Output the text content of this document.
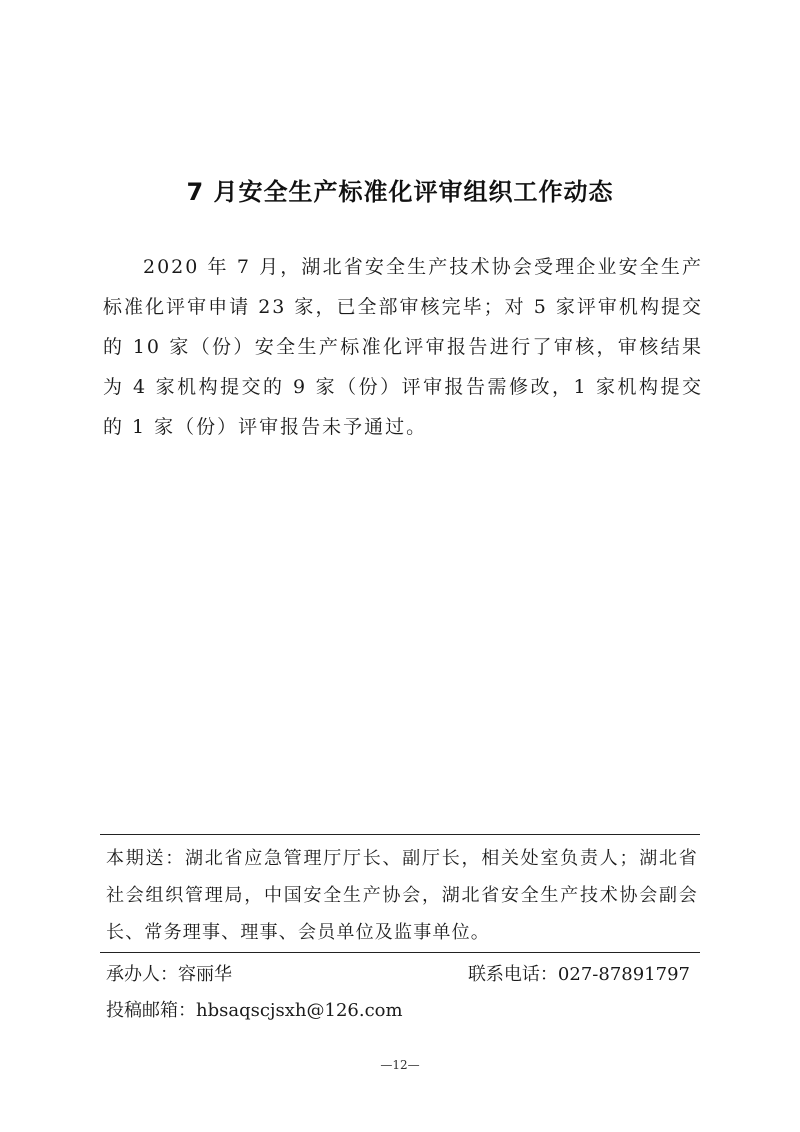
7 月安全生产标准化评审组织工作动态

2020 年 7 月，湖北省安全生产技术协会受理企业安全生产标准化评审申请 23 家，已全部审核完毕；对 5 家评审机构提交的 10 家（份）安全生产标准化评审报告进行了审核，审核结果为 4 家机构提交的 9 家（份）评审报告需修改，1 家机构提交的 1 家（份）评审报告未予通过。

本期送：湖北省应急管理厅厅长、副厅长，相关处室负责人；湖北省社会组织管理局，中国安全生产协会，湖北省安全生产技术协会副会长、常务理事、理事、会员单位及监事单位。

承办人：容丽华	联系电话：027-87891797
投稿邮箱：hbsaqscjsxh@126.com
—12—
